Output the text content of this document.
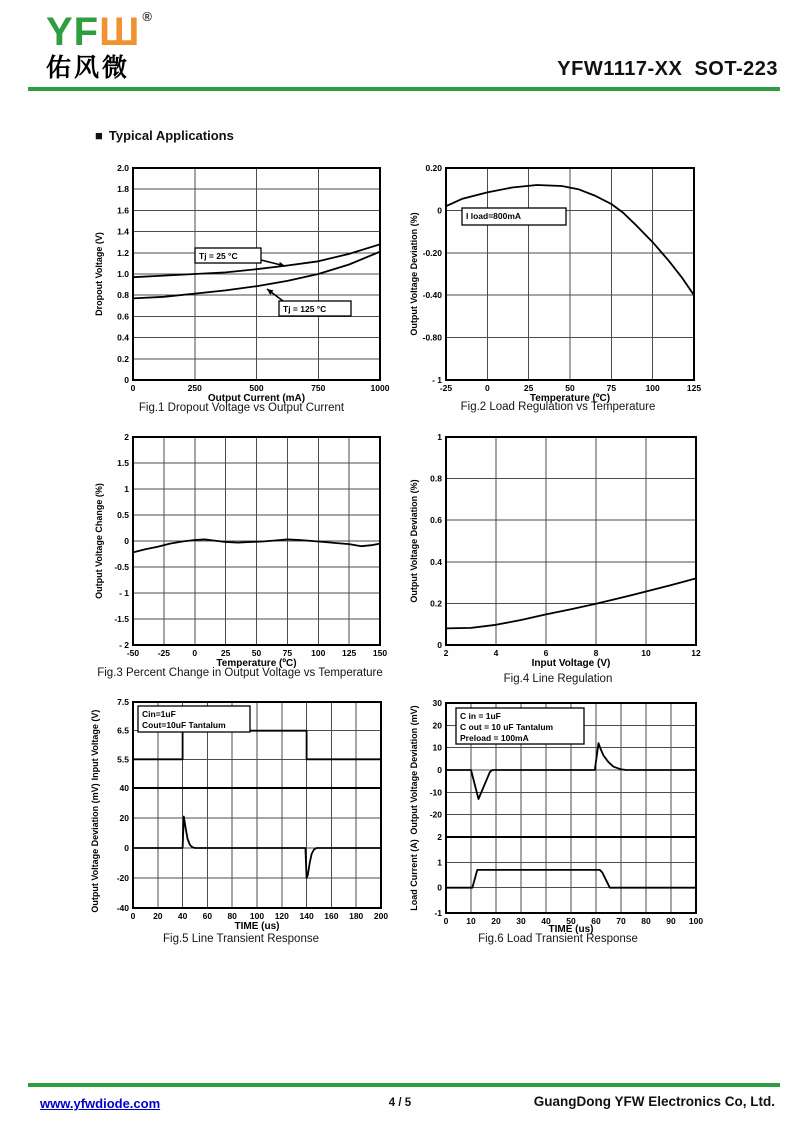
YFШ ®
佑风微	YFW1117-XX  SOT-223
■ Typical Applications
2.0
1.8
1.6
1.4
1.2
1.0
0.8
0.6
0.4
0.2
0
0	250	500	750	1000
Output Current (mA)
Dropout Voltage (V)	Tj = 25 °C
Tj = 125 °C
Fig.1 Dropout Voltage vs Output Current
0.20
0
-0.20
-0.40
-0.80
- 1
-25	0	25	50	75	100	125
Temperature (ºC)
Output Voltage Deviation (%)	I load=800mA
Fig.2 Load Regulation vs Temperature
2
1.5
1
0.5
0
-0.5
- 1
-1.5
- 2
-50 -25	0	25	50	75 100 125 150
Temperature (ºC)
Output Voltage Change (%)
Fig.3 Percent Change in Output Voltage vs Temperature
1
0.8
0.6
0.4
0.2
0
2	4	6	8	10	12
Input Voltage (V)
Output Voltage Deviation (%)
Fig.4 Line Regulation
7.5
6.5
5.5
40
20
0
-20
-40
0 20 40 60 80 100 120 140 160 180 200
TIME (us)
Input Voltage (V)
Output Voltage Deviation (mV)
Cin=1uF
Cout=10uF Tantalum
Fig.5 Line Transient Response
30
20
10
0
-10
-20
2
1
0
-1
0 10 20 30 40 50 60 70 80 90 100
TIME (us)
Output Voltage Deviation (mV)
Load Current (A)
C in = 1uF
C out = 10 uF Tantalum
Preload = 100mA
Fig.6 Load Transient Response
www.yfwdiode.com	4 / 5	GuangDong YFW Electronics Co, Ltd.
